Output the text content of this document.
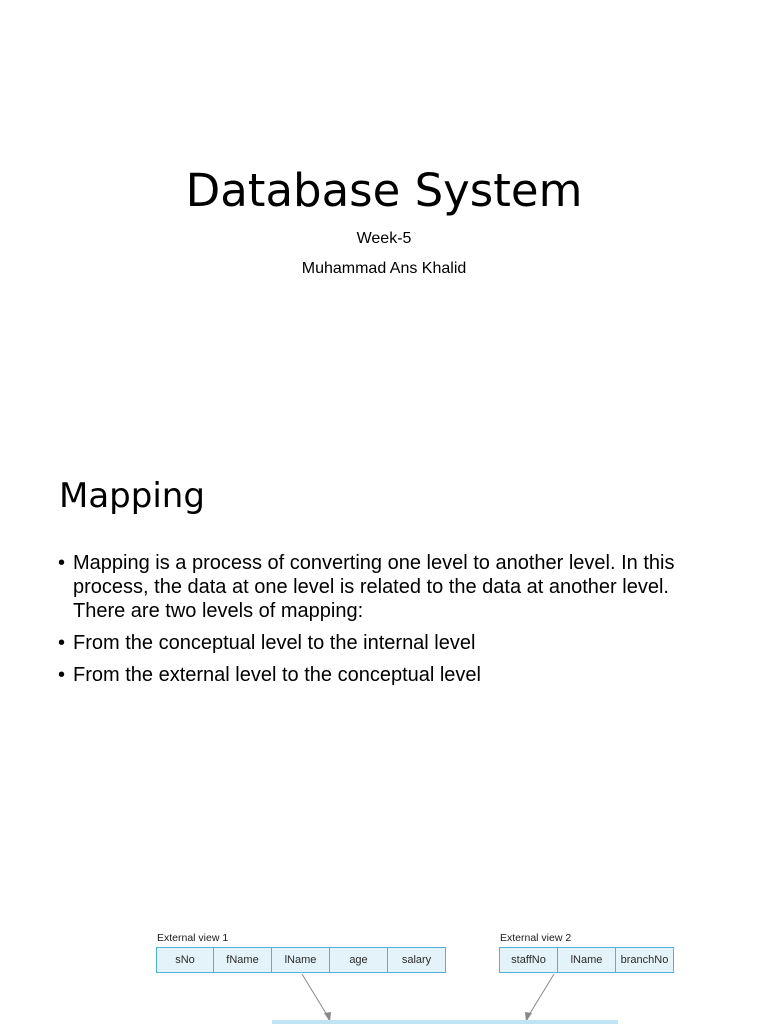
Database System

Week-5

Muhammad Ans Khalid

Mapping
• Mapping is a process of converting one level to another level. In this process, the data at one level is related to the data at another level. There are two levels of mapping:
• From the conceptual level to the internal level
• From the external level to the conceptual level
External view 1
sNo	fName	lName	age	salary
External view 2
staffNo	lName	branchNo
